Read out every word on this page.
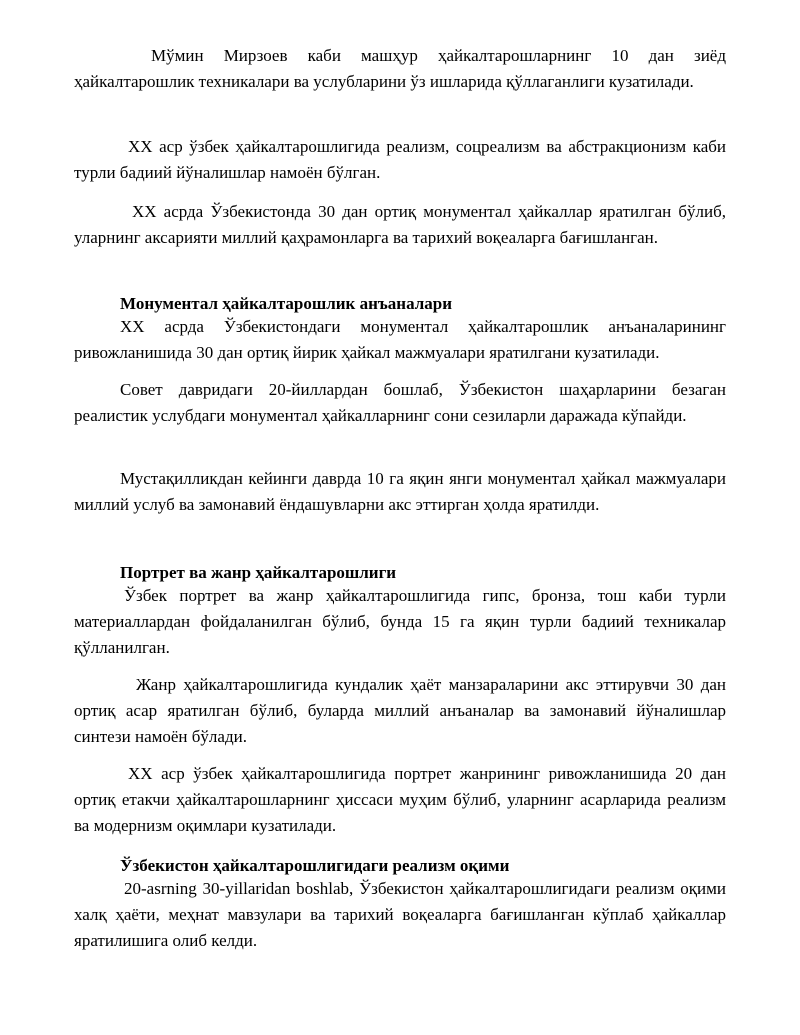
Мўмин Мирзоев каби машҳур ҳайкалтарошларнинг 10 дан зиёд ҳайкалтарошлик техникалари ва услубларини ўз ишларида қўллаганлиги кузатилади.

XX аср ўзбек ҳайкалтарошлигида реализм, соцреализм ва абстракционизм каби турли бадиий йўналишлар намоён бўлган.

XX асрда Ўзбекистонда 30 дан ортиқ монументал ҳайкаллар яратилган бўлиб, уларнинг аксарияти миллий қаҳрамонларга ва тарихий воқеаларга бағишланган.

Монументал ҳайкалтарошлик анъаналари

XX асрда Ўзбекистондаги монументал ҳайкалтарошлик анъаналарининг ривожланишида 30 дан ортиқ йирик ҳайкал мажмуалари яратилгани кузатилади.

Совет давридаги 20-йиллардан бошлаб, Ўзбекистон шаҳарларини безаган реалистик услубдаги монументал ҳайкалларнинг сони сезиларли даражада кўпайди.

Мустақилликдан кейинги даврда 10 га яқин янги монументал ҳайкал мажмуалари миллий услуб ва замонавий ёндашувларни акс эттирган ҳолда яратилди.

Портрет ва жанр ҳайкалтарошлиги

Ўзбек портрет ва жанр ҳайкалтарошлигида гипс, бронза, тош каби турли материаллардан фойдаланилган бўлиб, бунда 15 га яқин турли бадиий техникалар қўлланилган.

Жанр ҳайкалтарошлигида кундалик ҳаёт манзараларини акс эттирувчи 30 дан ортиқ асар яратилган бўлиб, буларда миллий анъаналар ва замонавий йўналишлар синтези намоён бўлади.

XX аср ўзбек ҳайкалтарошлигида портрет жанрининг ривожланишида 20 дан ортиқ етакчи ҳайкалтарошларнинг ҳиссаси муҳим бўлиб, уларнинг асарларида реализм ва модернизм оқимлари кузатилади.

Ўзбекистон ҳайкалтарошлигидаги реализм оқими

20-asrning 30-yillaridan boshlab, Ўзбекистон ҳайкалтарошлигидаги реализм оқими халқ ҳаёти, меҳнат мавзулари ва тарихий воқеаларга бағишланган кўплаб ҳайкаллар яратилишига олиб келди.
